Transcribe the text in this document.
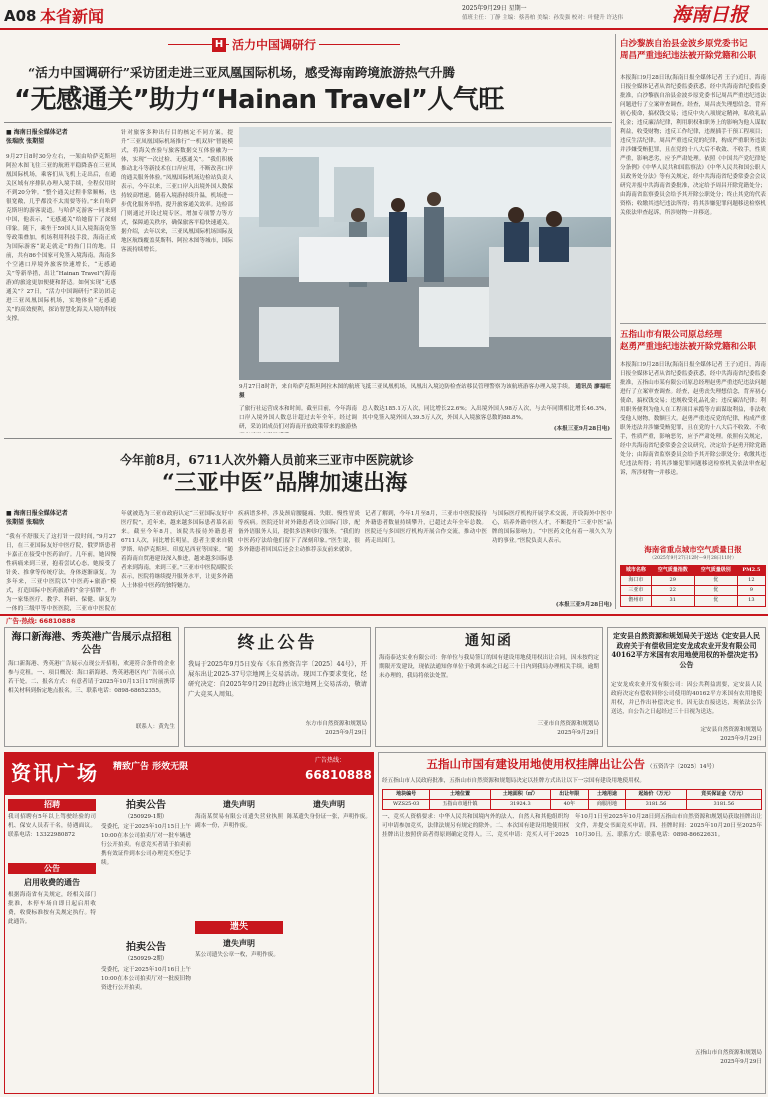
A08 本省新闻	2025年9月29日 星期一
值班主任：丁静 主编：蔡善柏 美编：孙发强 校对：叶健升 许达伟	海南日报
H 活力中国调研行
“活力中国调研行”采访团走进三亚凤凰国际机场，感受海南跨境旅游热气升腾
“无感通关”助力“Hainan Travel”人气旺
■ 海南日报全媒体记者
张瑞欣 张期望
9月27日8时30分左右，一架由哈萨克斯坦阿拉木图飞往三亚的航班平稳降落在三亚凤凰国际机场，乘客们从飞机上走出后，在通关区域有序排队办理入境手续，全程仅用时不到20分钟。“整个通关过程非常顺畅，也很宽敞，几乎都没不太需要等待。”来自哈萨克斯坦的游客说道。与哈萨克游客一同来到中国，他表示，“无感通关”给她留下了深刻印象。随下，乘坐于59国人员入境海南免签等政策叠加，机场利用科技手段，海南正成为国际游客“说走就走”的热门目的地。目前，共有86个国家可免签入境海南。海南多个空港口岸境外旅客快速增长，“无感通关”等新举措，出让“Hainan Travel”(海南游)的旅途更加便捷和舒适。如何实现“无感通关”？27日，“活力中国调研行”采访团走进三亚凤凰国际机场，实地体验“无感通关”的高效便利，探访智慧化海关人境的科技支撑。
针对旅客多种出行目的核定不同方案，提升“三亚凤凰国际机场推行“一机双屏”智能模式，将海关查验与旅客数据交互体验融为一体，实现“一次过检、无感通关”。“我们积极推动北斗等新技术在口岸应用，不断改善口岸的通关服务体验。”凤凰国际机场边检站负责人表示，今年以来，三亚口岸入出境外国人数保持较高增速。随着入境游持续升温，机场进一步优化服务举措，提升旅客通关效率。边检部门则通过开设过境专区，增加专项警力等方式，保障通关秩序，确保旅客平稳快速通关。据介绍，去年以来，三亚凤凰国际机场国际及地区航线覆盖莫斯科、阿拉木图等城市，国际客流持续增长。
9月27日8时许，来自哈萨克斯坦阿拉木图的航班飞抵三亚凤凰机场，凤凰出入境边防检查站移民管理警察为该航班游客办理入境手续。 通讯员 廖福旺 摄
了旅行社运营成本和时间。截至目前，今年海南口岸入境外国人数总计超过去年全年。经过调研，采访团成员们对海南开放政策带来的旅游热
总人数达185.1万人次，同比增长22.6%；入出境外国人98万人次，与去年同期相比增长46.3%，其中免签入境外国人39.5万人次，外国人入境旅客总数的88.8%。
(本报三亚9月28日电)
白沙黎族自治县金波乡原党委书记
周昌严重违纪违法被开除党籍和公职
本报海口9月28日讯(海南日报全媒体记者 王子)近日，海南日报全媒体记者从省纪委监委获悉，经中共海南省纪委监委批准，白沙黎族自治县金波乡原党委书记周昌严重违纪违法问题进行了立案审查调查。经查，周昌丧失理想信念，背弃初心使命，搞权钱交易；违反中央八项规定精神，私收礼品礼金；违反廉洁纪律，利用职权和职务上的影响为他人谋取利益，收受财物；违反工作纪律，违规插手干预工程项目；违反生活纪律。周昌严重违反党的纪律，构成严重职务违法并涉嫌受贿犯罪，且在党的十八大后不收敛、不收手，性质严重，影响恶劣，应予严肃处理。依照《中国共产党纪律处分条例》《中华人民共和国监察法》《中华人民共和国公职人员政务处分法》等有关规定，经中共海南省纪委常委会会议研究并报中共海南省委批准，决定给予周昌开除党籍处分；由海南省监察委员会给予其开除公职处分；终止其党的代表资格；收缴其违纪违法所得；将其涉嫌犯罪问题移送检察机关依法审查起诉，所涉财物一并移送。
五指山市有限公司原总经理
赵勇严重违纪违法被开除党籍和公职
本报海口9月28日讯(海南日报全媒体记者 王子)近日，海南日报全媒体记者从省纪委监委获悉，经中共海南省纪委监委批准，五指山市某有限公司原总经理赵勇严重违纪违法问题进行了立案审查调查。经查，赵勇丧失理想信念，背弃初心使命，搞权钱交易；违规收受礼品礼金；违反廉洁纪律；利用职务便利为他人在工程项目承揽等方面谋取利益，非法收受他人财物，数额巨大。赵勇严重违反党的纪律，构成严重职务违法并涉嫌受贿犯罪，且在党的十八大后不收敛、不收手，性质严重，影响恶劣，应予严肃处理。依照有关规定，经中共海南省纪委常委会会议研究，决定给予赵勇开除党籍处分；由海南省监察委员会给予其开除公职处分；收缴其违纪违法所得；将其涉嫌犯罪问题移送检察机关依法审查起诉，所涉财物一并移送。
海南省重点城市空气质量日报
（2025年9月27日12时—9月28日11时）
城市名称	空气质量指数	空气质量级别	PM2.5
海口市	29	优	12
三亚市	22	优	9
儋州市	31	优	13
今年前8月，6711人次外籍人员前来三亚市中医院就诊
“三亚中医”品牌加速出海
■ 海南日报全媒体记者
张期望 张瑞欣
“我有不舒服天了这打针一段时间，”9月27日，在三亚国际友好中医疗院，俄罗斯患者卡嘉正在接受中医药治疗。几年前，她因慢性病痛来到三亚，抱着尝试心态，她接受了针灸、推拿等传统疗法，身体逐渐康复。为多年来，三亚中医院以“中医药+旅游”模式，打造国际中医药旅游的“金字招牌”。作为一家集医疗、教学、科研、保健、康复为一体的三级甲等中医医院，三亚市中医院在
年就被选为三亚市政府认定“三亚国际友好中医疗院”，近年来，越来越多国际患者慕名而来。截至今年8月，该院共接待外籍患者6711人次，同比增长明显，患者主要来自俄罗斯、哈萨克斯坦、印度尼西亚等国家。“随着海南自贸港建设深入推进，越来越多国际患者来到海南，来到三亚。”三亚市中医院副院长表示，医院将继续提升服务水平，让更多外籍人士体验中医药的独特魅力。
疾病谱多样，涉及颈肩腰腿痛、失眠、慢性胃炎等疾病。医院还针对外籍患者设立国际门诊，配备外语服务人员，提供多语种诊疗服务。“我们的中医药疗法给他们留下了深刻印象。”医生说，很多外籍患者回国后还会主动推荐亲友前来就诊。
记者了解到，今年1月至8月，三亚市中医院接待外籍患者数量持续攀升，已超过去年全年总数。医院还与多国医疗机构开展合作交流，推动中医药走出国门。
与国际医疗机构开展学术交流，开设海外中医中心，培养外籍中医人才，不断提升“三亚中医”品牌的国际影响力。“中医药文化有着一项久久为功的事业。”医院负责人表示。
(本报三亚9月28日电)
广告·热线: 66810888
海口新海港、秀英港广告展示点招租公告
海口新海港、秀英港广告展示点现公开招租，欢迎符合条件的企业参与竞租。一、项目概况：海口新海港、秀英港港区内广告展示点若干处。二、报名方式：有意者请于2025年10月13日17时前携带相关材料到指定地点报名。三、联系电话：0898-68652355。
联系人：黄先生
终止公告
我局于2025年9月5日发布《东自然资告字〔2025〕44号》，开展东出让2025-37号宗地网上交易活动。现因工作要求变化，经研究决定：自2025年9月29日起终止该宗地网上交易活动，敬请广大竞买人周知。
东方市自然资源和规划局
2025年9月29日
通知函
海南泰达实业有限公司：你单位与我局签订的国有建设用地使用权出让合同，因未按约定期限开发建设，现依法通知你单位于收到本函之日起三十日内到我局办理相关手续，逾期未办理的，我局将依法处置。
三亚市自然资源和规划局
2025年9月29日
定安县自然资源和规划局关于送达《定安县人民政府关于有偿收回定安龙成农业开发有限公司40162平方米国有农用地使用权的补偿决定书》公告
定安龙成农业开发有限公司：因公共利益需要，定安县人民政府决定有偿收回你公司使用的40162平方米国有农用地使用权，并已作出补偿决定书。因无法直接送达，现依法公告送达，自公告之日起经过三十日视为送达。
定安县自然资源和规划局
2025年9月29日
资讯广场 精致广告 形效无限
广告热线：
66810888
招聘
我司招聘有5年以上驾驶经验的司机、保安人员若干名，待遇面议。联系电话：13322980872
公告
启用收费的通告
根据海南省有关规定，经相关部门批准，本停车场自即日起启用收费，收费标准按有关规定执行。特此通告。
拍卖公告
（250929-1期）
受委托，定于2025年10月15日上午10:00在本公司拍卖厅对一批车辆进行公开拍卖。有意竞买者请于拍卖前携有效证件到本公司办理竞买登记手续。
拍卖公告
（250929-2期）
受委托，定于2025年10月16日上午10:00在本公司拍卖厅对一批废旧物资进行公开拍卖。
遗失声明
海南某贸易有限公司遗失营业执照副本一份，声明作废。
遗失
遗失声明
某公司遗失公章一枚，声明作废。
遗失声明
陈某遗失身份证一张，声明作废。
五指山市国有建设用地使用权挂牌出让公告 （五资告字〔2025〕14号）
经五指山市人民政府批准，五指山市自然资源和规划局决定以挂牌方式出让以下一宗国有建设用地使用权。
地块编号	土地位置	土地面积（㎡）	出让年限	土地用途	起始价（万元）	竞买保证金（万元）
WZS25-03	五指山市通什镇	31924.3	40年	商服用地	3181.56	3181.56
一、竞买人资格要求：中华人民共和国境内外的法人、自然人和其他组织均可申请参加竞买，法律法规另有规定的除外。二、本次国有建设用地使用权挂牌出让按照价高者得原则确定竞得人。三、竞买申请：竞买人可于2025年10月1日至2025年10月28日到五指山市自然资源和规划局获取挂牌出让文件，并提交书面竞买申请。四、挂牌时间：2025年10月20日至2025年10月30日。五、联系方式：联系电话：0898-86622631。
五指山市自然资源和规划局
2025年9月29日
